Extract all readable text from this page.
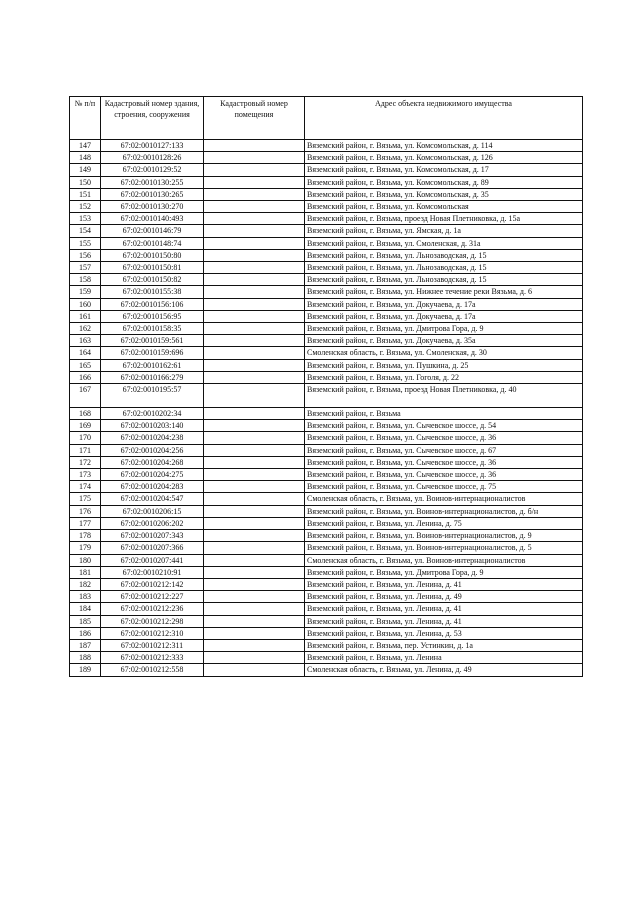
№ п/п	Кадастровый номер здания, строения, сооружения	Кадастровый номер помещения	Адрес объекта недвижимого имущества
147	67:02:0010127:133		Вяземский район, г. Вязьма, ул. Комсомольская, д. 114
148	67:02:0010128:26		Вяземский район, г. Вязьма, ул. Комсомольская, д. 126
149	67:02:0010129:52		Вяземский район, г. Вязьма, ул. Комсомольская, д. 17
150	67:02:0010130:255		Вяземский район, г. Вязьма, ул. Комсомольская, д. 89
151	67:02:0010130:265		Вяземский район, г. Вязьма, ул. Комсомольская, д. 35
152	67:02:0010130:270		Вяземский район, г. Вязьма, ул. Комсомольская
153	67:02:0010140:493		Вяземский район, г. Вязьма, проезд Новая Плетниковка, д. 15а
154	67:02:0010146:79		Вяземский район, г. Вязьма, ул. Ямская, д. 1а
155	67:02:0010148:74		Вяземский район, г. Вязьма, ул. Смоленская, д. 31а
156	67:02:0010150:80		Вяземский район, г. Вязьма, ул. Льнозаводская, д. 15
157	67:02:0010150:81		Вяземский район, г. Вязьма, ул. Льнозаводская, д. 15
158	67:02:0010150:82		Вяземский район, г. Вязьма, ул. Льнозаводская, д. 15
159	67:02:0010155:38		Вяземский район, г. Вязьма, ул. Нижнее течение реки Вязьма, д. 6
160	67:02:0010156:106		Вяземский район, г. Вязьма, ул. Докучаева, д. 17а
161	67:02:0010156:95		Вяземский район, г. Вязьма, ул. Докучаева, д. 17а
162	67:02:0010158:35		Вяземский район, г. Вязьма, ул. Дмитрова Гора, д. 9
163	67:02:0010159:561		Вяземский район, г. Вязьма, ул. Докучаева, д. 35а
164	67:02:0010159:696		Смоленская область, г. Вязьма, ул. Смоленская, д. 30
165	67:02:0010162:61		Вяземский район, г. Вязьма, ул. Пушкина, д. 25
166	67:02:0010166:279		Вяземский район, г. Вязьма, ул. Гоголя, д. 22
167	67:02:0010195:57		Вяземский район, г. Вязьма, проезд Новая Плетниковка, д. 40
168	67:02:0010202:34		Вяземский район, г. Вязьма
169	67:02:0010203:140		Вяземский район, г. Вязьма, ул. Сычевское шоссе, д. 54
170	67:02:0010204:238		Вяземский район, г. Вязьма, ул. Сычевское шоссе, д. 36
171	67:02:0010204:256		Вяземский район, г. Вязьма, ул. Сычевское шоссе, д. 67
172	67:02:0010204:268		Вяземский район, г. Вязьма, ул. Сычевское шоссе, д. 36
173	67:02:0010204:275		Вяземский район, г. Вязьма, ул. Сычевское шоссе, д. 36
174	67:02:0010204:283		Вяземский район, г. Вязьма, ул. Сычевское шоссе, д. 75
175	67:02:0010204:547		Смоленская область, г. Вязьма, ул. Воинов-интернационалистов
176	67:02:0010206:15		Вяземский район, г. Вязьма, ул. Воинов-интернационалистов, д. б/н
177	67:02:0010206:202		Вяземский район, г. Вязьма, ул. Ленина, д. 75
178	67:02:0010207:343		Вяземский район, г. Вязьма, ул. Воинов-интернационалистов, д. 9
179	67:02:0010207:366		Вяземский район, г. Вязьма, ул. Воинов-интернационалистов, д. 5
180	67:02:0010207:441		Смоленская область, г. Вязьма, ул. Воинов-интернационалистов
181	67:02:0010210:91		Вяземский район, г. Вязьма, ул. Дмитрова Гора, д. 9
182	67:02:0010212:142		Вяземский район, г. Вязьма, ул. Ленина, д. 41
183	67:02:0010212:227		Вяземский район, г. Вязьма, ул. Ленина, д. 49
184	67:02:0010212:236		Вяземский район, г. Вязьма, ул. Ленина, д. 41
185	67:02:0010212:298		Вяземский район, г. Вязьма, ул. Ленина, д. 41
186	67:02:0010212:310		Вяземский район, г. Вязьма, ул. Ленина, д. 53
187	67:02:0010212:311		Вяземский район, г. Вязьма, пер. Устинкин, д. 1а
188	67:02:0010212:333		Вяземский район, г. Вязьма, ул. Ленина
189	67:02:0010212:558		Смоленская область, г. Вязьма, ул. Ленина, д. 49
